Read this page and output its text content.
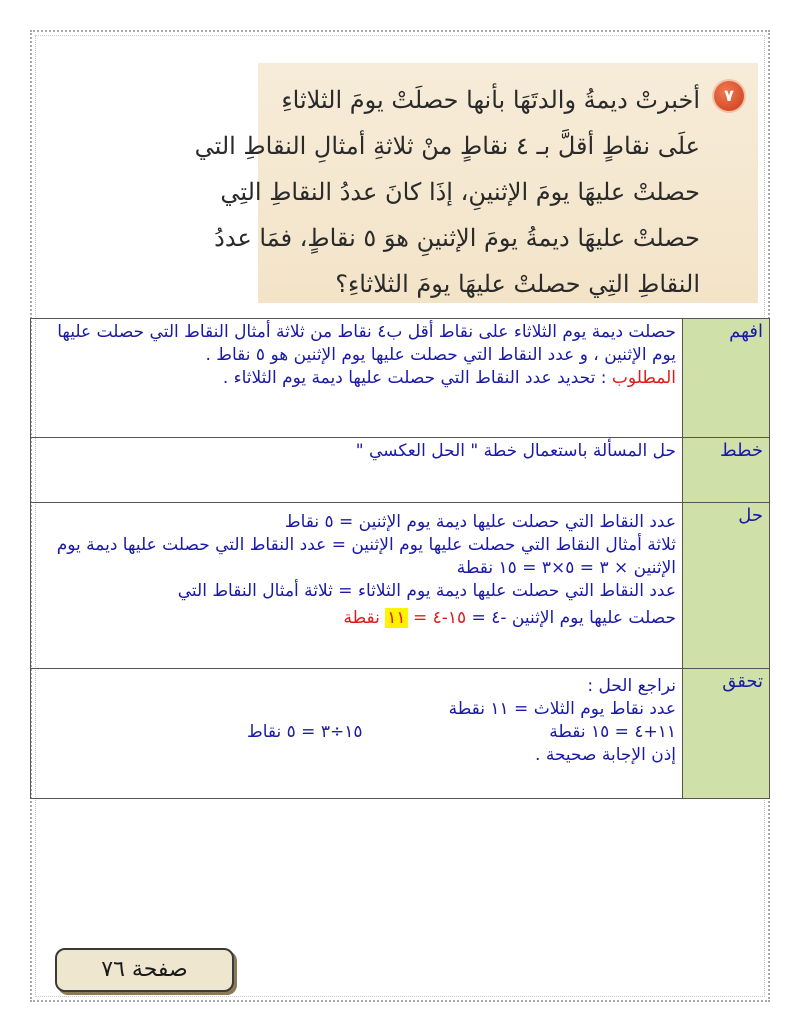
٧
أخبرتْ ديمةُ والدتَهَا بأنها حصلَتْ يومَ الثلاثاءِ
علَى نقاطٍ أقلَّ بـ ٤ نقاطٍ منْ ثلاثةِ أمثالِ النقاطِ التي
حصلتْ عليهَا يومَ الإثنينِ، إذَا كانَ عددُ النقاطِ التِي
حصلتْ عليهَا ديمةُ يومَ الإثنينِ هوَ ٥ نقاطٍ، فمَا عددُ
النقاطِ التِي حصلتْ عليهَا يومَ الثلاثاءِ؟
افهم	حصلت ديمة يوم الثلاثاء على نقاط أقل ب٤ نقاط من ثلاثة أمثال النقاط التي حصلت عليها يوم الإثنين ، و عدد النقاط التي حصلت عليها يوم الإثنين هو ٥ نقاط .
المطلوب : تحديد عدد النقاط التي حصلت عليها ديمة يوم الثلاثاء .
خطط	حل المسألة باستعمال خطة " الحل العكسي "
حل	عدد النقاط التي حصلت عليها ديمة يوم الإثنين = ٥ نقاط
ثلاثة أمثال النقاط التي حصلت عليها يوم الإثنين = عدد النقاط التي حصلت عليها ديمة يوم الإثنين × ٣ = ٥×٣ = ١٥ نقطة
عدد النقاط التي حصلت عليها ديمة يوم الثلاثاء = ثلاثة أمثال النقاط التي
حصلت عليها يوم الإثنين -٤ = ١٥-٤ = ١١ نقطة

تحقق	نراجع الحل :
عدد نقاط يوم الثلاث = ١١ نقطة
١١+٤ = ١٥ نقطة
١٥÷٣ = ٥ نقاط
إذن الإجابة صحيحة .
صفحة ٧٦
